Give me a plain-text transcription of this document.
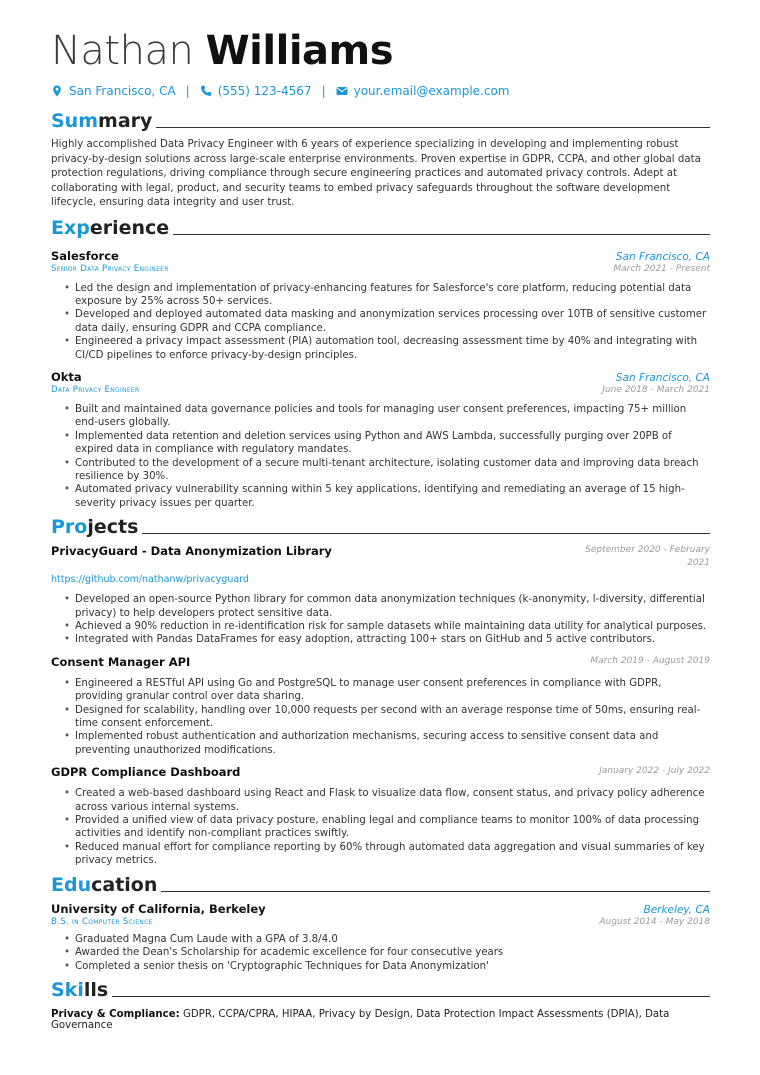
Nathan Williams
San Francisco, CA | (555) 123-4567 | your.email@example.com
Summary
Highly accomplished Data Privacy Engineer with 6 years of experience specializing in developing and implementing robust privacy-by-design solutions across large-scale enterprise environments. Proven expertise in GDPR, CCPA, and other global data protection regulations, driving compliance through secure engineering practices and automated privacy controls. Adept at collaborating with legal, product, and security teams to embed privacy safeguards throughout the software development lifecycle, ensuring data integrity and user trust.
Experience
Salesforce	San Francisco, CA
Senior Data Privacy Engineer	March 2021 - Present
• Led the design and implementation of privacy-enhancing features for Salesforce's core platform, reducing potential data exposure by 25% across 50+ services.
• Developed and deployed automated data masking and anonymization services processing over 10TB of sensitive customer data daily, ensuring GDPR and CCPA compliance.
• Engineered a privacy impact assessment (PIA) automation tool, decreasing assessment time by 40% and integrating with CI/CD pipelines to enforce privacy-by-design principles.
Okta	San Francisco, CA
Data Privacy Engineer	June 2018 - March 2021
• Built and maintained data governance policies and tools for managing user consent preferences, impacting 75+ million end-users globally.
• Implemented data retention and deletion services using Python and AWS Lambda, successfully purging over 20PB of expired data in compliance with regulatory mandates.
• Contributed to the development of a secure multi-tenant architecture, isolating customer data and improving data breach resilience by 30%.
• Automated privacy vulnerability scanning within 5 key applications, identifying and remediating an average of 15 high-severity privacy issues per quarter.
Projects
PrivacyGuard - Data Anonymization Library	September 2020 - February 2021
https://github.com/nathanw/privacyguard
• Developed an open-source Python library for common data anonymization techniques (k-anonymity, l-diversity, differential privacy) to help developers protect sensitive data.
• Achieved a 90% reduction in re-identification risk for sample datasets while maintaining data utility for analytical purposes.
• Integrated with Pandas DataFrames for easy adoption, attracting 100+ stars on GitHub and 5 active contributors.
Consent Manager API	March 2019 - August 2019
• Engineered a RESTful API using Go and PostgreSQL to manage user consent preferences in compliance with GDPR, providing granular control over data sharing.
• Designed for scalability, handling over 10,000 requests per second with an average response time of 50ms, ensuring real-time consent enforcement.
• Implemented robust authentication and authorization mechanisms, securing access to sensitive consent data and preventing unauthorized modifications.
GDPR Compliance Dashboard	January 2022 - July 2022
• Created a web-based dashboard using React and Flask to visualize data flow, consent status, and privacy policy adherence across various internal systems.
• Provided a unified view of data privacy posture, enabling legal and compliance teams to monitor 100% of data processing activities and identify non-compliant practices swiftly.
• Reduced manual effort for compliance reporting by 60% through automated data aggregation and visual summaries of key privacy metrics.
Education
University of California, Berkeley	Berkeley, CA
B.S. in Computer Science	August 2014 - May 2018
• Graduated Magna Cum Laude with a GPA of 3.8/4.0
• Awarded the Dean's Scholarship for academic excellence for four consecutive years
• Completed a senior thesis on 'Cryptographic Techniques for Data Anonymization'
Skills
Privacy & Compliance: GDPR, CCPA/CPRA, HIPAA, Privacy by Design, Data Protection Impact Assessments (DPIA), Data Governance
